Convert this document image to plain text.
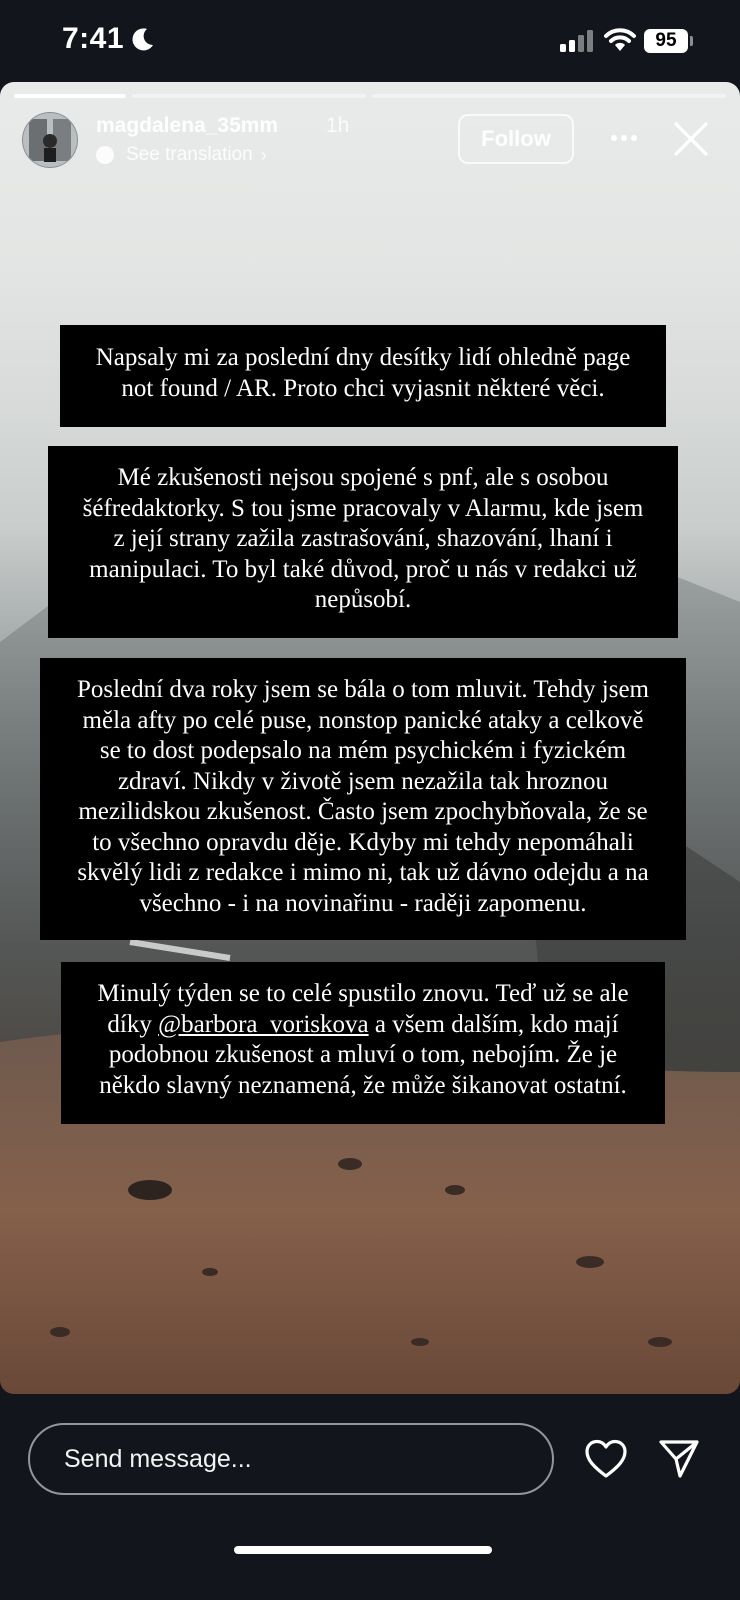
7:41	95
magdalena_35mm 1h
See translation ›
Follow
Napsaly mi za poslední dny desítky lidí ohledně page
not found / AR. Proto chci vyjasnit některé věci.
Mé zkušenosti nejsou spojené s pnf, ale s osobou
šéfredaktorky. S tou jsme pracovaly v Alarmu, kde jsem
z její strany zažila zastrašování, shazování, lhaní i
manipulaci. To byl také důvod, proč u nás v redakci už
nepůsobí.
Poslední dva roky jsem se bála o tom mluvit. Tehdy jsem
měla afty po celé puse, nonstop panické ataky a celkově
se to dost podepsalo na mém psychickém i fyzickém
zdraví. Nikdy v životě jsem nezažila tak hroznou
mezilidskou zkušenost. Často jsem zpochybňovala, že se
to všechno opravdu děje. Kdyby mi tehdy nepomáhali
skvělý lidi z redakce i mimo ni, tak už dávno odejdu a na
všechno - i na novinařinu - raději zapomenu.
Minulý týden se to celé spustilo znovu. Teď už se ale
díky @barbora_voriskova a všem dalším, kdo mají
podobnou zkušenost a mluví o tom, nebojím. Že je
někdo slavný neznamená, že může šikanovat ostatní.
Send message...
